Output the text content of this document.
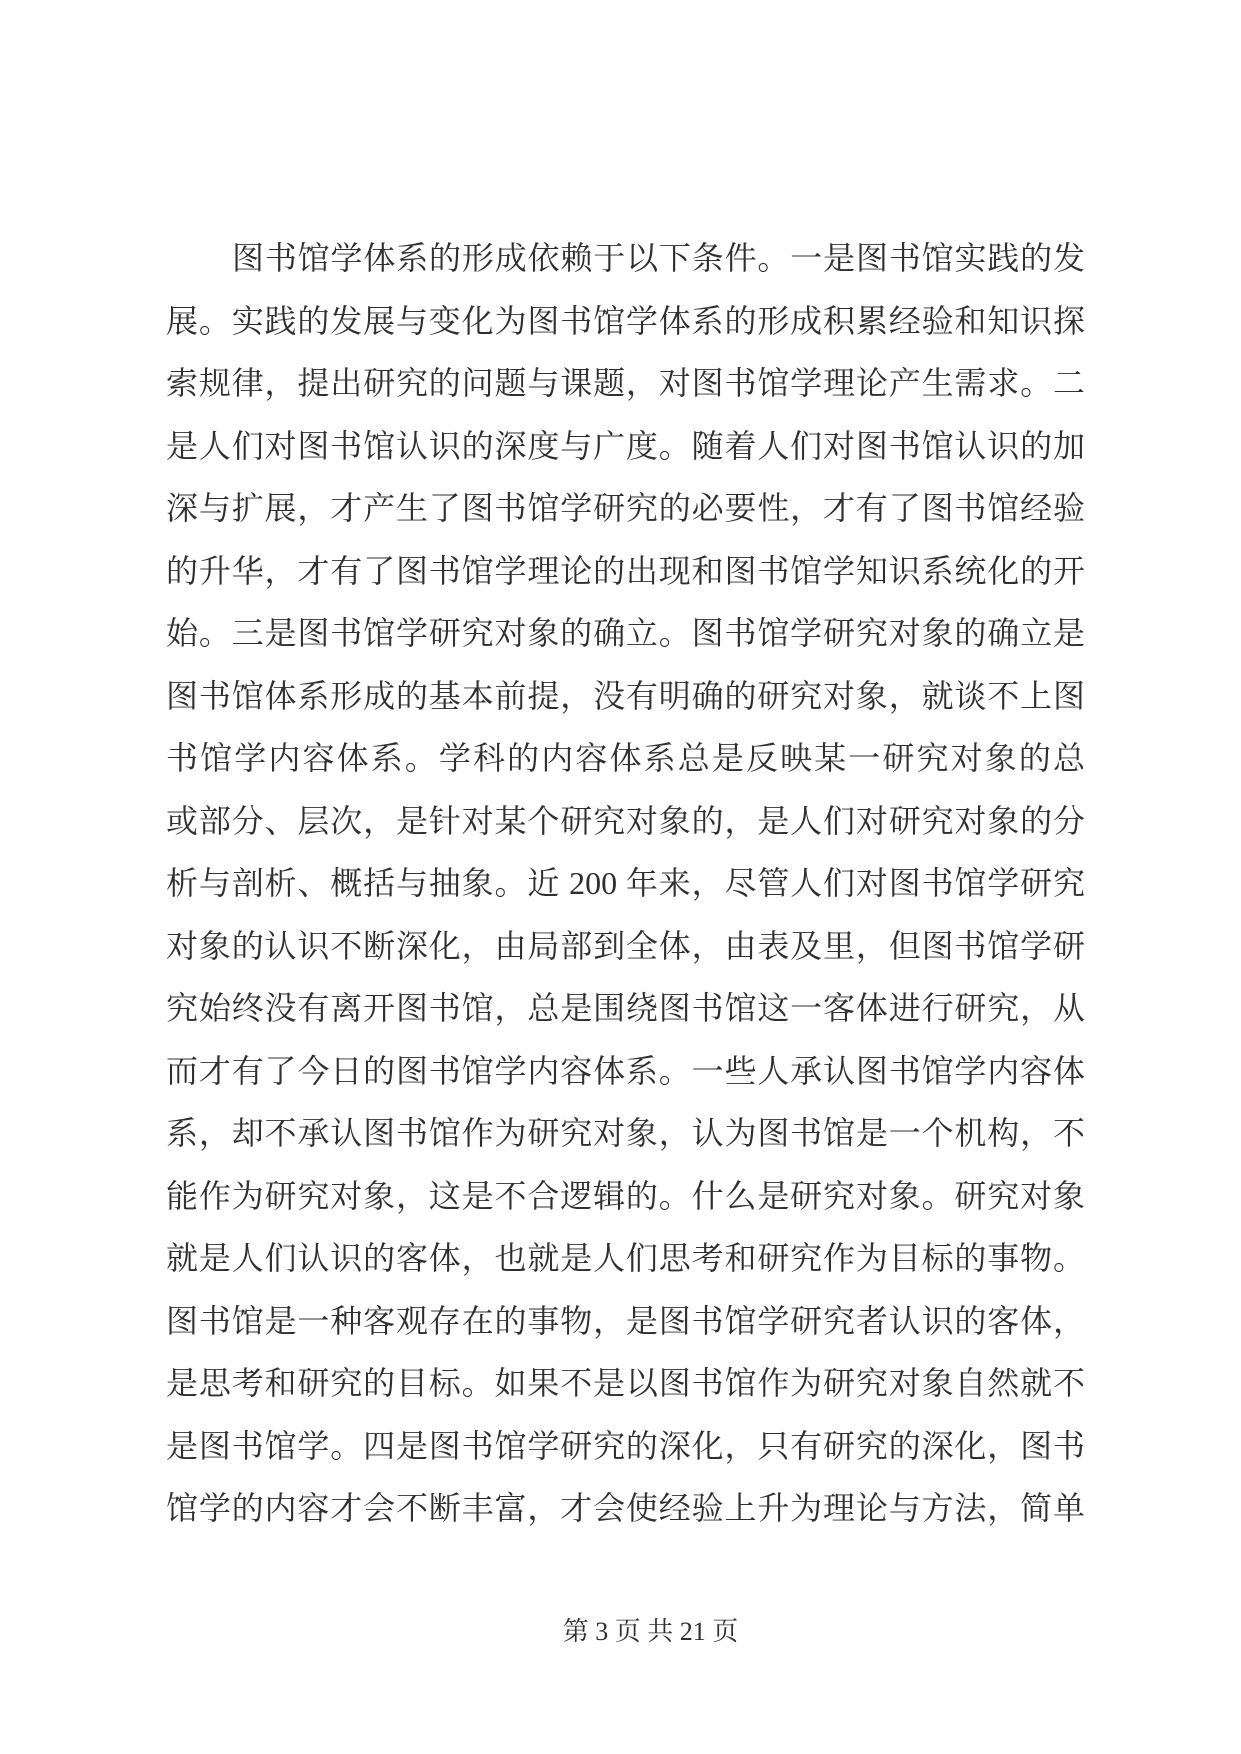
图书馆学体系的形成依赖于以下条件。一是图书馆实践的发
展。实践的发展与变化为图书馆学体系的形成积累经验和知识探
索规律，提出研究的问题与课题，对图书馆学理论产生需求。二
是人们对图书馆认识的深度与广度。随着人们对图书馆认识的加
深与扩展，才产生了图书馆学研究的必要性，才有了图书馆经验
的升华，才有了图书馆学理论的出现和图书馆学知识系统化的开
始。三是图书馆学研究对象的确立。图书馆学研究对象的确立是
图书馆体系形成的基本前提，没有明确的研究对象，就谈不上图
书馆学内容体系。学科的内容体系总是反映某一研究对象的总
或部分、层次，是针对某个研究对象的，是人们对研究对象的分
析与剖析、概括与抽象。近 200 年来，尽管人们对图书馆学研究
对象的认识不断深化，由局部到全体，由表及里，但图书馆学研
究始终没有离开图书馆，总是围绕图书馆这一客体进行研究，从
而才有了今日的图书馆学内容体系。一些人承认图书馆学内容体
系，却不承认图书馆作为研究对象，认为图书馆是一个机构，不
能作为研究对象，这是不合逻辑的。什么是研究对象。研究对象
就是人们认识的客体，也就是人们思考和研究作为目标的事物。
图书馆是一种客观存在的事物，是图书馆学研究者认识的客体，
是思考和研究的目标。如果不是以图书馆作为研究对象自然就不
是图书馆学。四是图书馆学研究的深化，只有研究的深化，图书
馆学的内容才会不断丰富，才会使经验上升为理论与方法，简单
第 3 页 共 21 页
